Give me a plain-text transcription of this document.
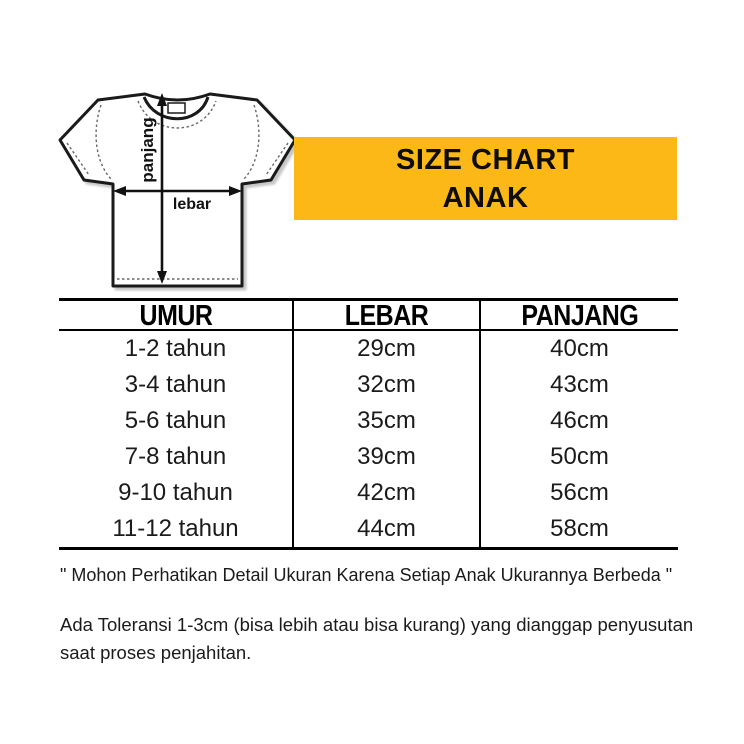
panjang
lebar
SIZE CHART
ANAK
UMUR	LEBAR	PANJANG
1-2 tahun	29cm	40cm
3-4 tahun	32cm	43cm
5-6 tahun	35cm	46cm
7-8 tahun	39cm	50cm
9-10 tahun	42cm	56cm
11-12 tahun	44cm	58cm
" Mohon Perhatikan Detail Ukuran Karena Setiap Anak Ukurannya Berbeda "
Ada Toleransi 1-3cm (bisa lebih atau bisa kurang) yang dianggap penyusutan
saat proses penjahitan.
